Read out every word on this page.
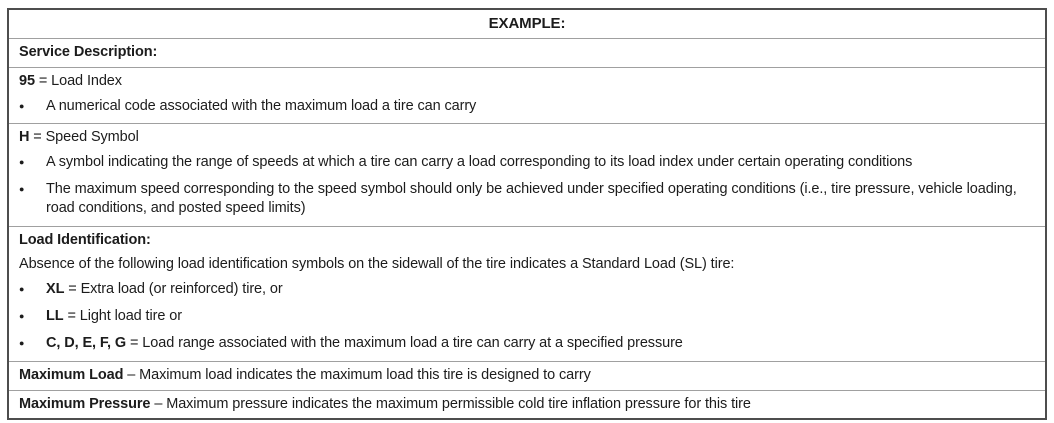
EXAMPLE:
Service Description:
95 = Load Index
●	A numerical code associated with the maximum load a tire can carry
H = Speed Symbol
●	A symbol indicating the range of speeds at which a tire can carry a load corresponding to its load index under certain operating conditions
●	The maximum speed corresponding to the speed symbol should only be achieved under specified operating conditions (i.e., tire pressure, vehicle loading, road conditions, and posted speed limits)
Load Identification:
Absence of the following load identification symbols on the sidewall of the tire indicates a Standard Load (SL) tire:
●	XL = Extra load (or reinforced) tire, or
●	LL = Light load tire or
●	C, D, E, F, G = Load range associated with the maximum load a tire can carry at a specified pressure
Maximum Load – Maximum load indicates the maximum load this tire is designed to carry
Maximum Pressure – Maximum pressure indicates the maximum permissible cold tire inflation pressure for this tire
